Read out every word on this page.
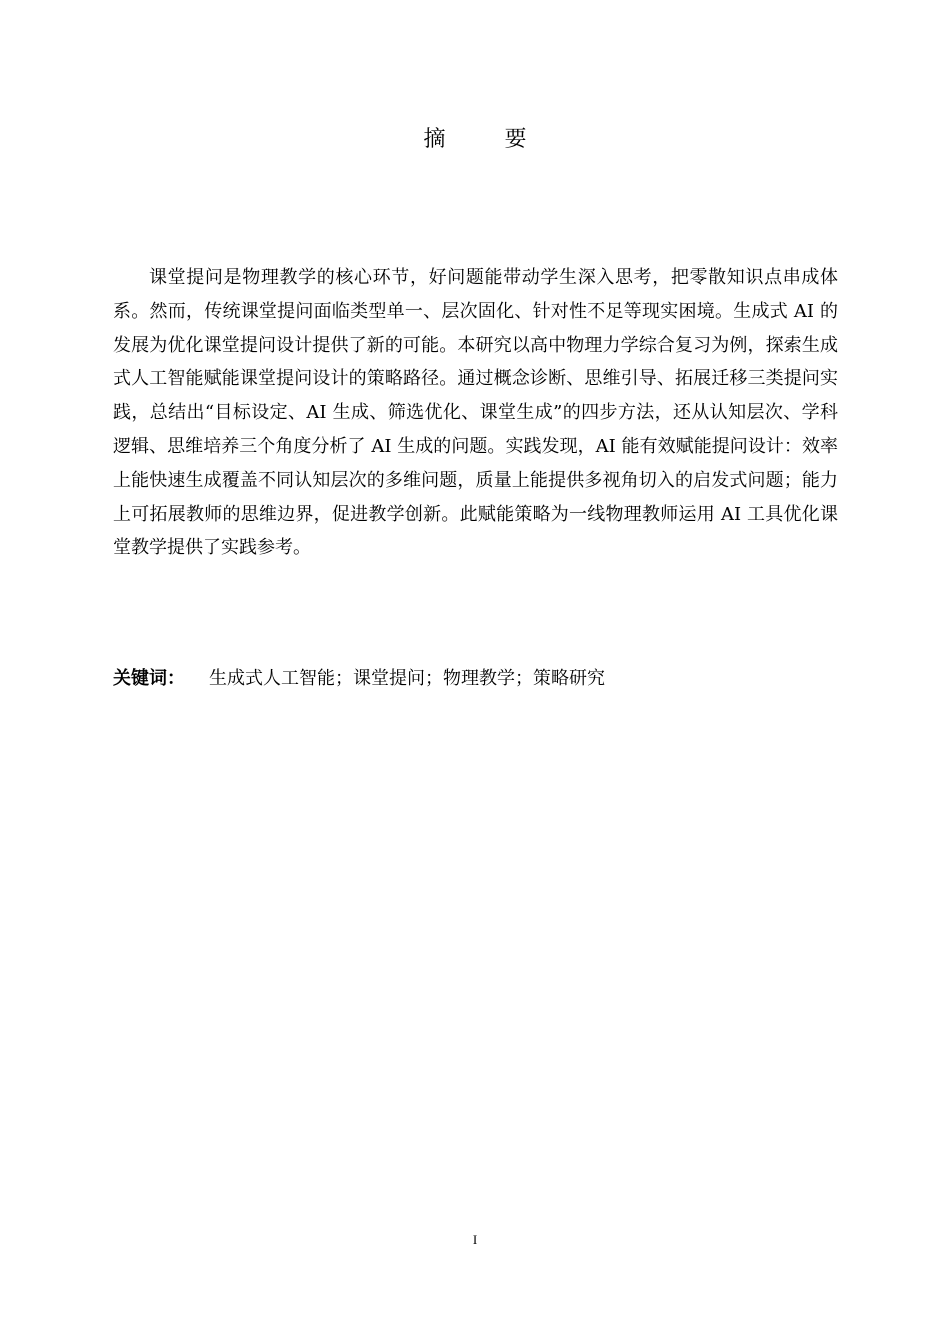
摘 要

课堂提问是物理教学的核心环节，好问题能带动学生深入思考，把零散知识点串成体系。然而，传统课堂提问面临类型单一、层次固化、针对性不足等现实困境。生成式 AI 的发展为优化课堂提问设计提供了新的可能。本研究以高中物理力学综合复习为例，探索生成式人工智能赋能课堂提问设计的策略路径。通过概念诊断、思维引导、拓展迁移三类提问实践，总结出“目标设定、AI 生成、筛选优化、课堂生成”的四步方法，还从认知层次、学科逻辑、思维培养三个角度分析了 AI 生成的问题。实践发现，AI 能有效赋能提问设计：效率上能快速生成覆盖不同认知层次的多维问题，质量上能提供多视角切入的启发式问题；能力上可拓展教师的思维边界，促进教学创新。此赋能策略为一线物理教师运用 AI 工具优化课堂教学提供了实践参考。

关键词： 生成式人工智能；课堂提问；物理教学；策略研究
I
